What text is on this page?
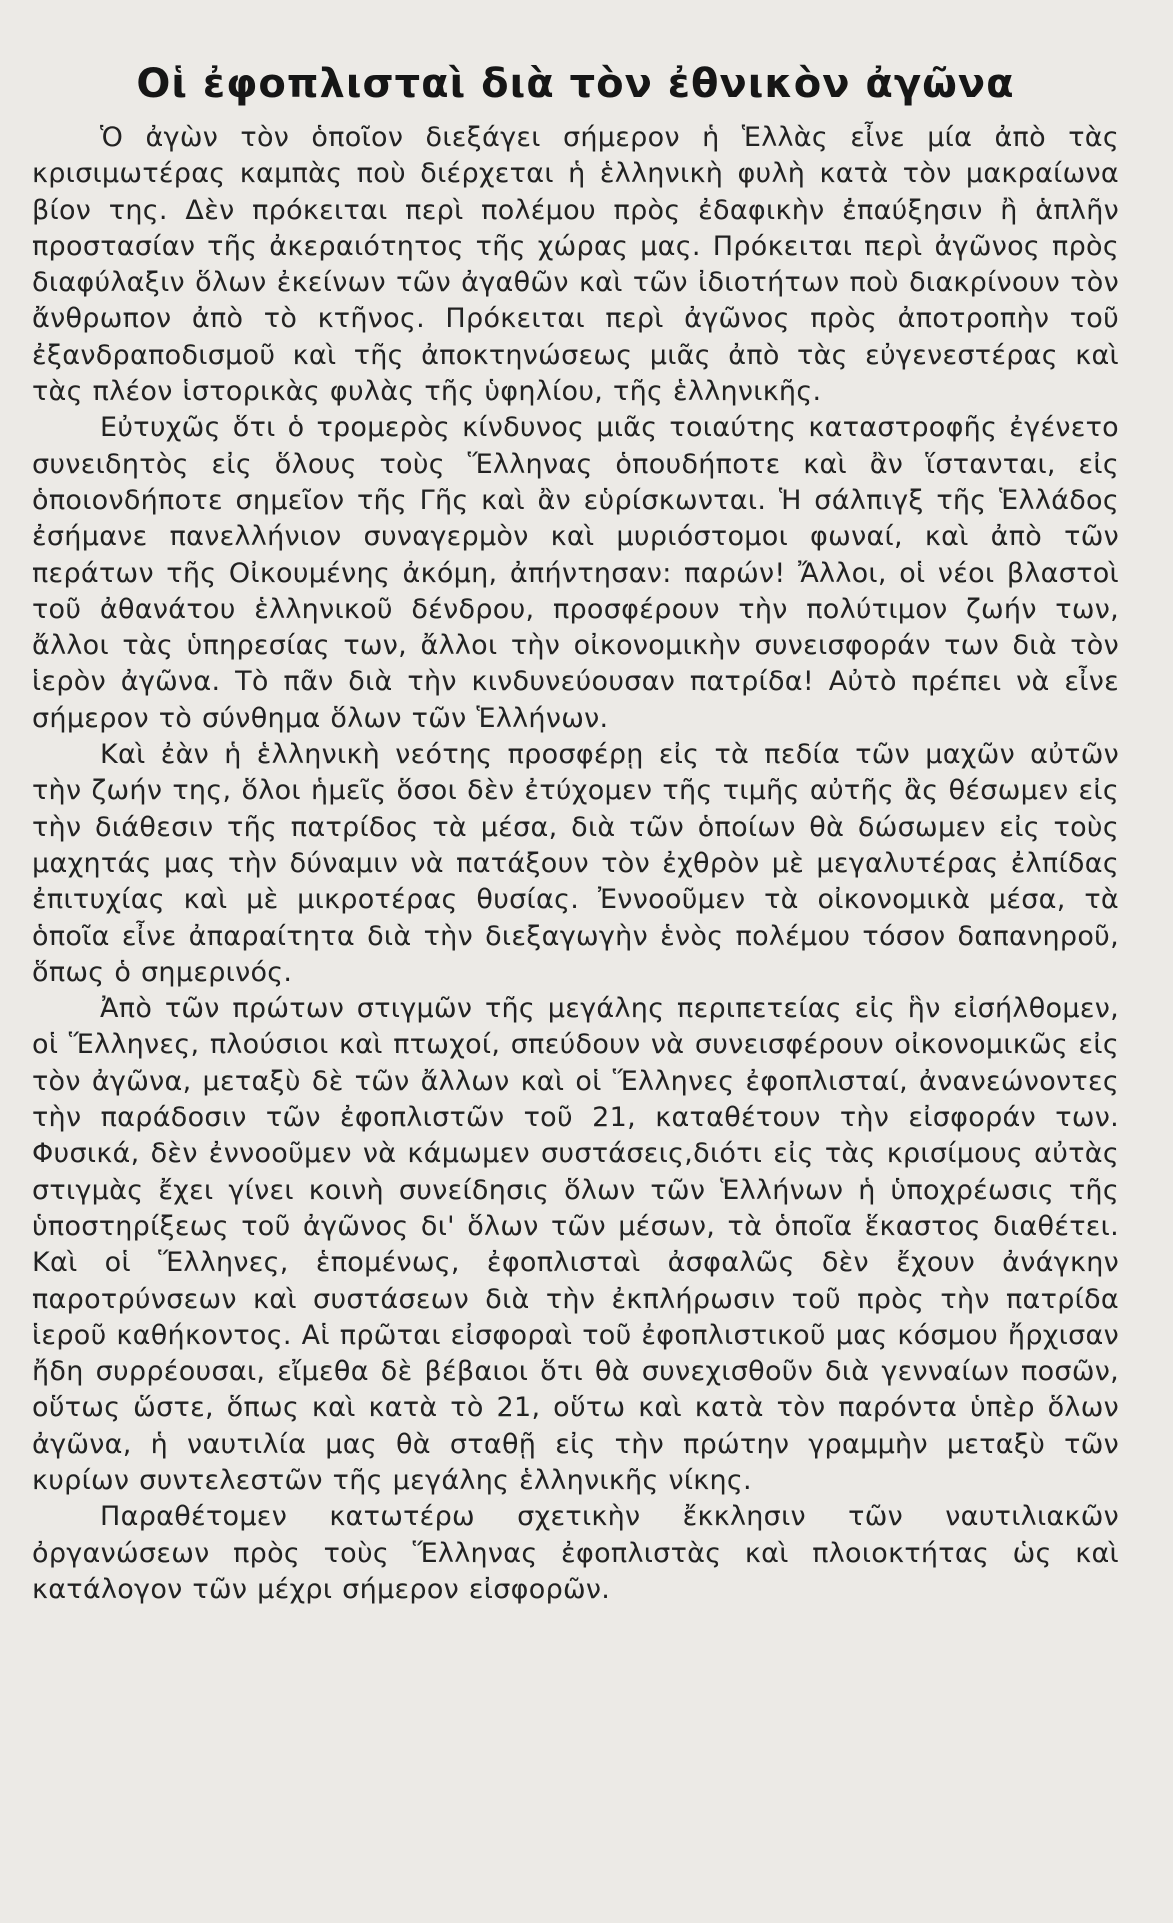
Οἱ ἐφοπλισταὶ διὰ τὸν ἐθνικὸν ἀγῶνα

Ὁ ἀγὼν τὸν ὁποῖον διεξάγει σήμερον ἡ Ἑλλὰς εἶνε μία ἀπὸ τὰς κρισιμωτέρας καμπὰς ποὺ διέρχεται ἡ ἑλληνικὴ φυλὴ κατὰ τὸν μακραίωνα βίον της. Δὲν πρόκειται περὶ πολέμου πρὸς ἐδαφικὴν ἐπαύξησιν ἢ ἁπλῆν προστασίαν τῆς ἀκεραιότητος τῆς χώρας μας. Πρόκειται περὶ ἀγῶνος πρὸς διαφύλαξιν ὅλων ἐκείνων τῶν ἀγαθῶν καὶ τῶν ἰδιοτήτων ποὺ διακρίνουν τὸν ἄνθρωπον ἀπὸ τὸ κτῆνος. Πρόκειται περὶ ἀγῶνος πρὸς ἀποτροπὴν τοῦ ἐξανδραποδισμοῦ καὶ τῆς ἀποκτηνώσεως μιᾶς ἀπὸ τὰς εὐγενεστέρας καὶ τὰς πλέον ἱστορικὰς φυλὰς τῆς ὑφηλίου, τῆς ἑλληνικῆς.

Εὐτυχῶς ὅτι ὁ τρομερὸς κίνδυνος μιᾶς τοιαύτης καταστροφῆς ἐγένετο συνειδητὸς εἰς ὅλους τοὺς Ἕλληνας ὁπουδήποτε καὶ ἂν ἵστανται, εἰς ὁποιονδήποτε σημεῖον τῆς Γῆς καὶ ἂν εὑρίσκωνται. Ἡ σάλπιγξ τῆς Ἑλλάδος ἐσήμανε πανελλήνιον συναγερμὸν καὶ μυριόστομοι φωναί, καὶ ἀπὸ τῶν περάτων τῆς Οἰκουμένης ἀκόμη, ἀπήντησαν: παρών! Ἄλλοι, οἱ νέοι βλαστοὶ τοῦ ἀθανάτου ἑλληνικοῦ δένδρου, προσφέρουν τὴν πολύτιμον ζωήν των, ἄλλοι τὰς ὑπηρεσίας των, ἄλλοι τὴν οἰκονομικὴν συνεισφοράν των διὰ τὸν ἱερὸν ἀγῶνα. Τὸ πᾶν διὰ τὴν κινδυνεύουσαν πατρίδα! Αὐτὸ πρέπει νὰ εἶνε σήμερον τὸ σύνθημα ὅλων τῶν Ἑλλήνων.

Καὶ ἐὰν ἡ ἑλληνικὴ νεότης προσφέρῃ εἰς τὰ πεδία τῶν μαχῶν αὐτῶν τὴν ζωήν της, ὅλοι ἡμεῖς ὅσοι δὲν ἐτύχομεν τῆς τιμῆς αὐτῆς ἂς θέσωμεν εἰς τὴν διάθεσιν τῆς πατρίδος τὰ μέσα, διὰ τῶν ὁποίων θὰ δώσωμεν εἰς τοὺς μαχητάς μας τὴν δύναμιν νὰ πατάξουν τὸν ἐχθρὸν μὲ μεγαλυτέρας ἐλπίδας ἐπιτυχίας καὶ μὲ μικροτέρας θυσίας. Ἐννοοῦμεν τὰ οἰκονομικὰ μέσα, τὰ ὁποῖα εἶνε ἀπαραίτητα διὰ τὴν διεξαγωγὴν ἑνὸς πολέμου τόσον δαπανηροῦ, ὅπως ὁ σημερινός.

Ἀπὸ τῶν πρώτων στιγμῶν τῆς μεγάλης περιπετείας εἰς ἣν εἰσήλθομεν, οἱ Ἕλληνες, πλούσιοι καὶ πτωχοί, σπεύδουν νὰ συνεισφέρουν οἰκονομικῶς εἰς τὸν ἀγῶνα, μεταξὺ δὲ τῶν ἄλλων καὶ οἱ Ἕλληνες ἐφοπλισταί, ἀνανεώνοντες τὴν παράδοσιν τῶν ἐφοπλιστῶν τοῦ 21, καταθέτουν τὴν εἰσφοράν των. Φυσικά, δὲν ἐννοοῦμεν νὰ κάμωμεν συστάσεις,διότι εἰς τὰς κρισίμους αὐτὰς στιγμὰς ἔχει γίνει κοινὴ συνείδησις ὅλων τῶν Ἑλλήνων ἡ ὑποχρέωσις τῆς ὑποστηρίξεως τοῦ ἀγῶνος δι' ὅλων τῶν μέσων, τὰ ὁποῖα ἕκαστος διαθέτει. Καὶ οἱ Ἕλληνες, ἑπομένως, ἐφοπλισταὶ ἀσφαλῶς δὲν ἔχουν ἀνάγκην παροτρύνσεων καὶ συστάσεων διὰ τὴν ἐκπλήρωσιν τοῦ πρὸς τὴν πατρίδα ἱεροῦ καθήκοντος. Αἱ πρῶται εἰσφοραὶ τοῦ ἐφοπλιστικοῦ μας κόσμου ἤρχισαν ἤδη συρρέουσαι, εἴμεθα δὲ βέβαιοι ὅτι θὰ συνεχισθοῦν διὰ γενναίων ποσῶν, οὕτως ὥστε, ὅπως καὶ κατὰ τὸ 21, οὕτω καὶ κατὰ τὸν παρόντα ὑπὲρ ὅλων ἀγῶνα, ἡ ναυτιλία μας θὰ σταθῇ εἰς τὴν πρώτην γραμμὴν μεταξὺ τῶν κυρίων συντελεστῶν τῆς μεγάλης ἑλληνικῆς νίκης.

Παραθέτομεν κατωτέρω σχετικὴν ἔκκλησιν τῶν ναυτιλιακῶν ὀργανώσεων πρὸς τοὺς Ἕλληνας ἐφοπλιστὰς καὶ πλοιοκτήτας ὡς καὶ κατάλογον τῶν μέχρι σήμερον εἰσφορῶν.
